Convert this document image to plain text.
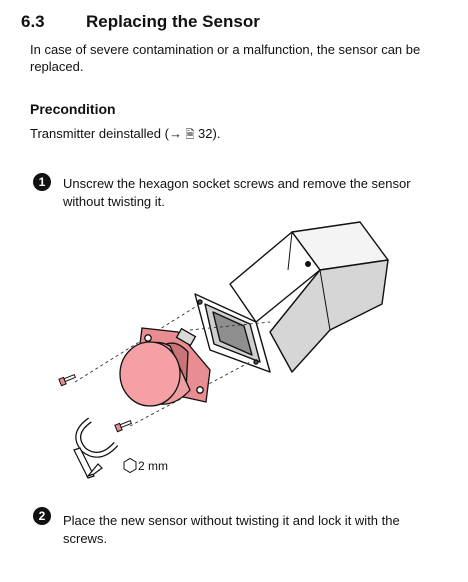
6.3 Replacing the Sensor
In case of severe contamination or a malfunction, the sensor can be replaced.
Precondition
Transmitter deinstalled (→ 🗎 32).
1	Unscrew the hexagon socket screws and remove the sensor without twisting it.
2 mm
2	Place the new sensor without twisting it and lock it with the screws.
